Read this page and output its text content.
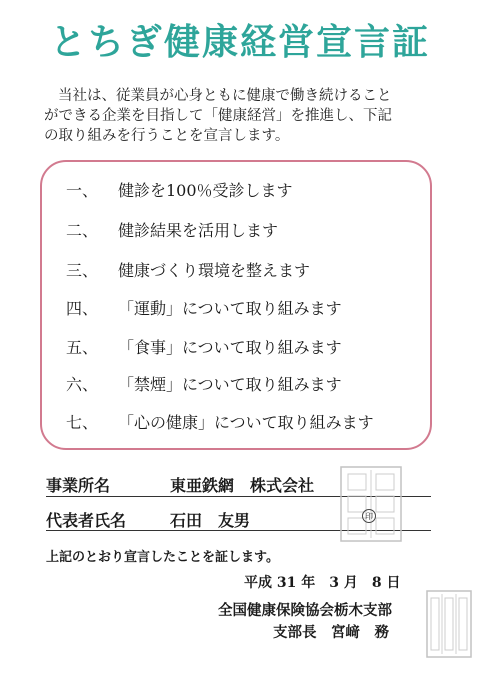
とちぎ健康経営宣言証

当社は、従業員が心身ともに健康で働き続けること

ができる企業を目指して「健康経営」を推進し、下記

の取り組みを行うことを宣言します。

一、 健診を100％受診します
二、 健診結果を活用します
三、 健康づくり環境を整えます
四、 「運動」について取り組みます
五、 「食事」について取り組みます
六、 「禁煙」について取り組みます
七、 「心の健康」について取り組みます
事業所名	東亜鉄網　株式会社
代表者氏名	石田　友男	印
上記のとおり宣言したことを証します。
平成 31 年　3 月　8 日
全国健康保険協会栃木支部
支部長　宮﨑　務
